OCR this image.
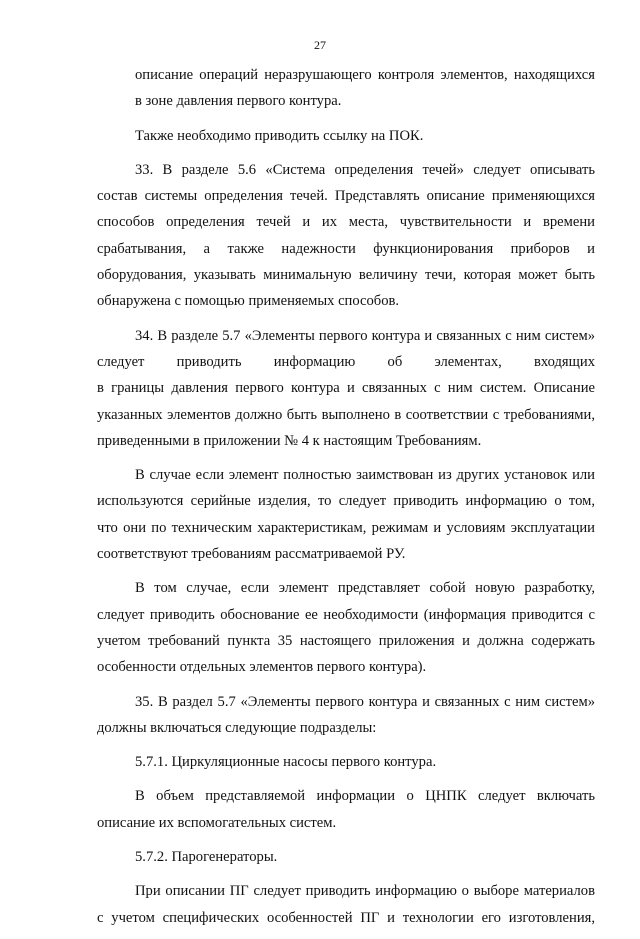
27

описание операций неразрушающего контроля элементов, находящихся
в зоне давления первого контура.

Также необходимо приводить ссылку на ПОК.

33. В разделе 5.6 «Система определения течей» следует описывать
состав системы определения течей. Представлять описание применяющихся
способов определения течей и их места, чувствительности и времени
срабатывания, а также надежности функционирования приборов и
оборудования, указывать минимальную величину течи, которая может быть
обнаружена с помощью применяемых способов.

34. В разделе 5.7 «Элементы первого контура и связанных с ним систем»
следует приводить информацию об элементах, входящих
в границы давления первого контура и связанных с ним систем. Описание
указанных элементов должно быть выполнено в соответствии с требованиями,
приведенными в приложении № 4 к настоящим Требованиям.

В случае если элемент полностью заимствован из других установок или
используются серийные изделия, то следует приводить информацию о том,
что они по техническим характеристикам, режимам и условиям эксплуатации
соответствуют требованиям рассматриваемой РУ.

В том случае, если элемент представляет собой новую разработку,
следует приводить обоснование ее необходимости (информация приводится с
учетом требований пункта 35 настоящего приложения и должна содержать
особенности отдельных элементов первого контура).

35. В раздел 5.7 «Элементы первого контура и связанных с ним систем»
должны включаться следующие подразделы:

5.7.1. Циркуляционные насосы первого контура.

В объем представляемой информации о ЦНПК следует включать
описание их вспомогательных систем.

5.7.2. Парогенераторы.

При описании ПГ следует приводить информацию о выборе материалов
с учетом специфических особенностей ПГ и технологии его изготовления,
